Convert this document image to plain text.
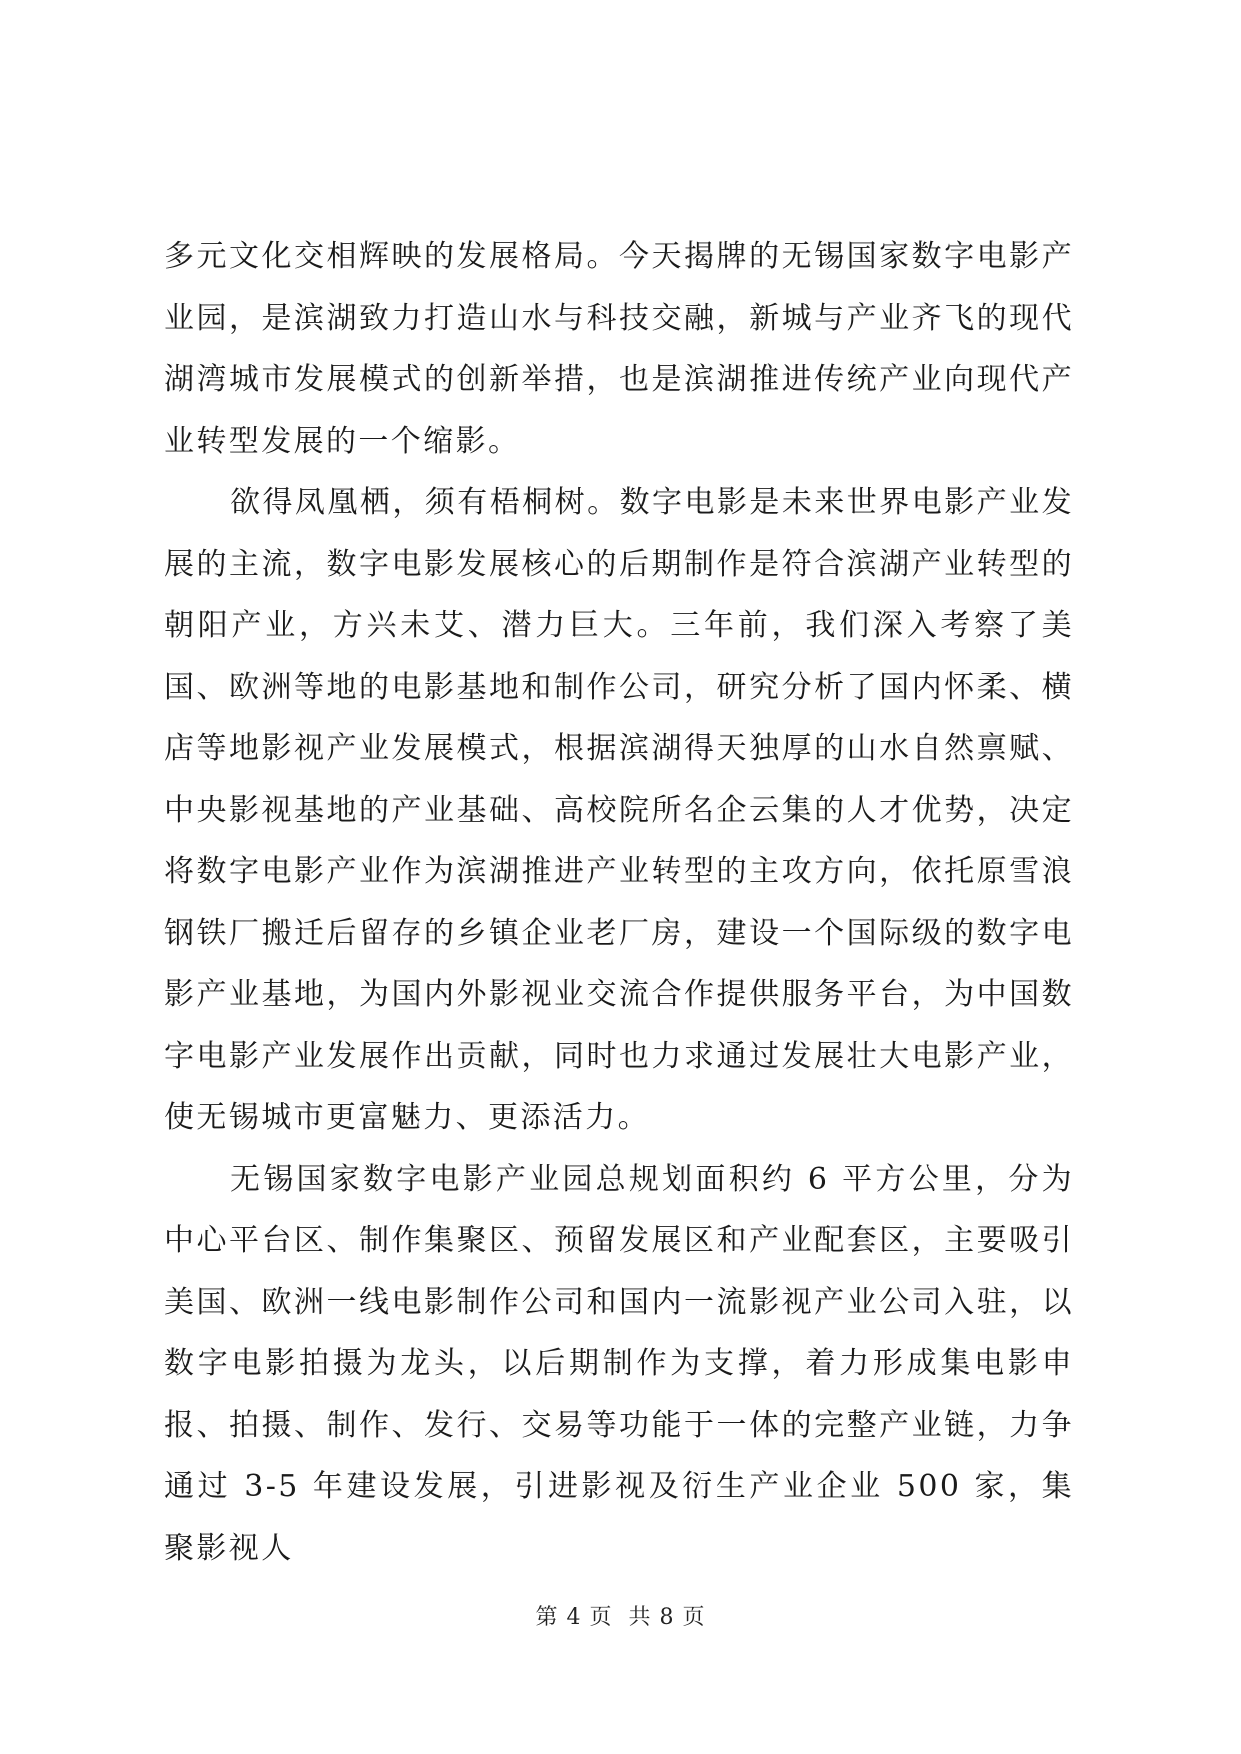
多元文化交相辉映的发展格局。今天揭牌的无锡国家数字电影产业园，是滨湖致力打造山水与科技交融，新城与产业齐飞的现代湖湾城市发展模式的创新举措，也是滨湖推进传统产业向现代产业转型发展的一个缩影。

欲得凤凰栖，须有梧桐树。数字电影是未来世界电影产业发展的主流，数字电影发展核心的后期制作是符合滨湖产业转型的朝阳产业，方兴未艾、潜力巨大。三年前，我们深入考察了美国、欧洲等地的电影基地和制作公司，研究分析了国内怀柔、横店等地影视产业发展模式，根据滨湖得天独厚的山水自然禀赋、中央影视基地的产业基础、高校院所名企云集的人才优势，决定将数字电影产业作为滨湖推进产业转型的主攻方向，依托原雪浪钢铁厂搬迁后留存的乡镇企业老厂房，建设一个国际级的数字电影产业基地，为国内外影视业交流合作提供服务平台，为中国数字电影产业发展作出贡献，同时也力求通过发展壮大电影产业，使无锡城市更富魅力、更添活力。

无锡国家数字电影产业园总规划面积约 6 平方公里，分为中心平台区、制作集聚区、预留发展区和产业配套区，主要吸引美国、欧洲一线电影制作公司和国内一流影视产业公司入驻，以数字电影拍摄为龙头，以后期制作为支撑，着力形成集电影申报、拍摄、制作、发行、交易等功能于一体的完整产业链，力争通过 3-5 年建设发展，引进影视及衍生产业企业 500 家，集聚影视人

第 4 页  共 8 页
